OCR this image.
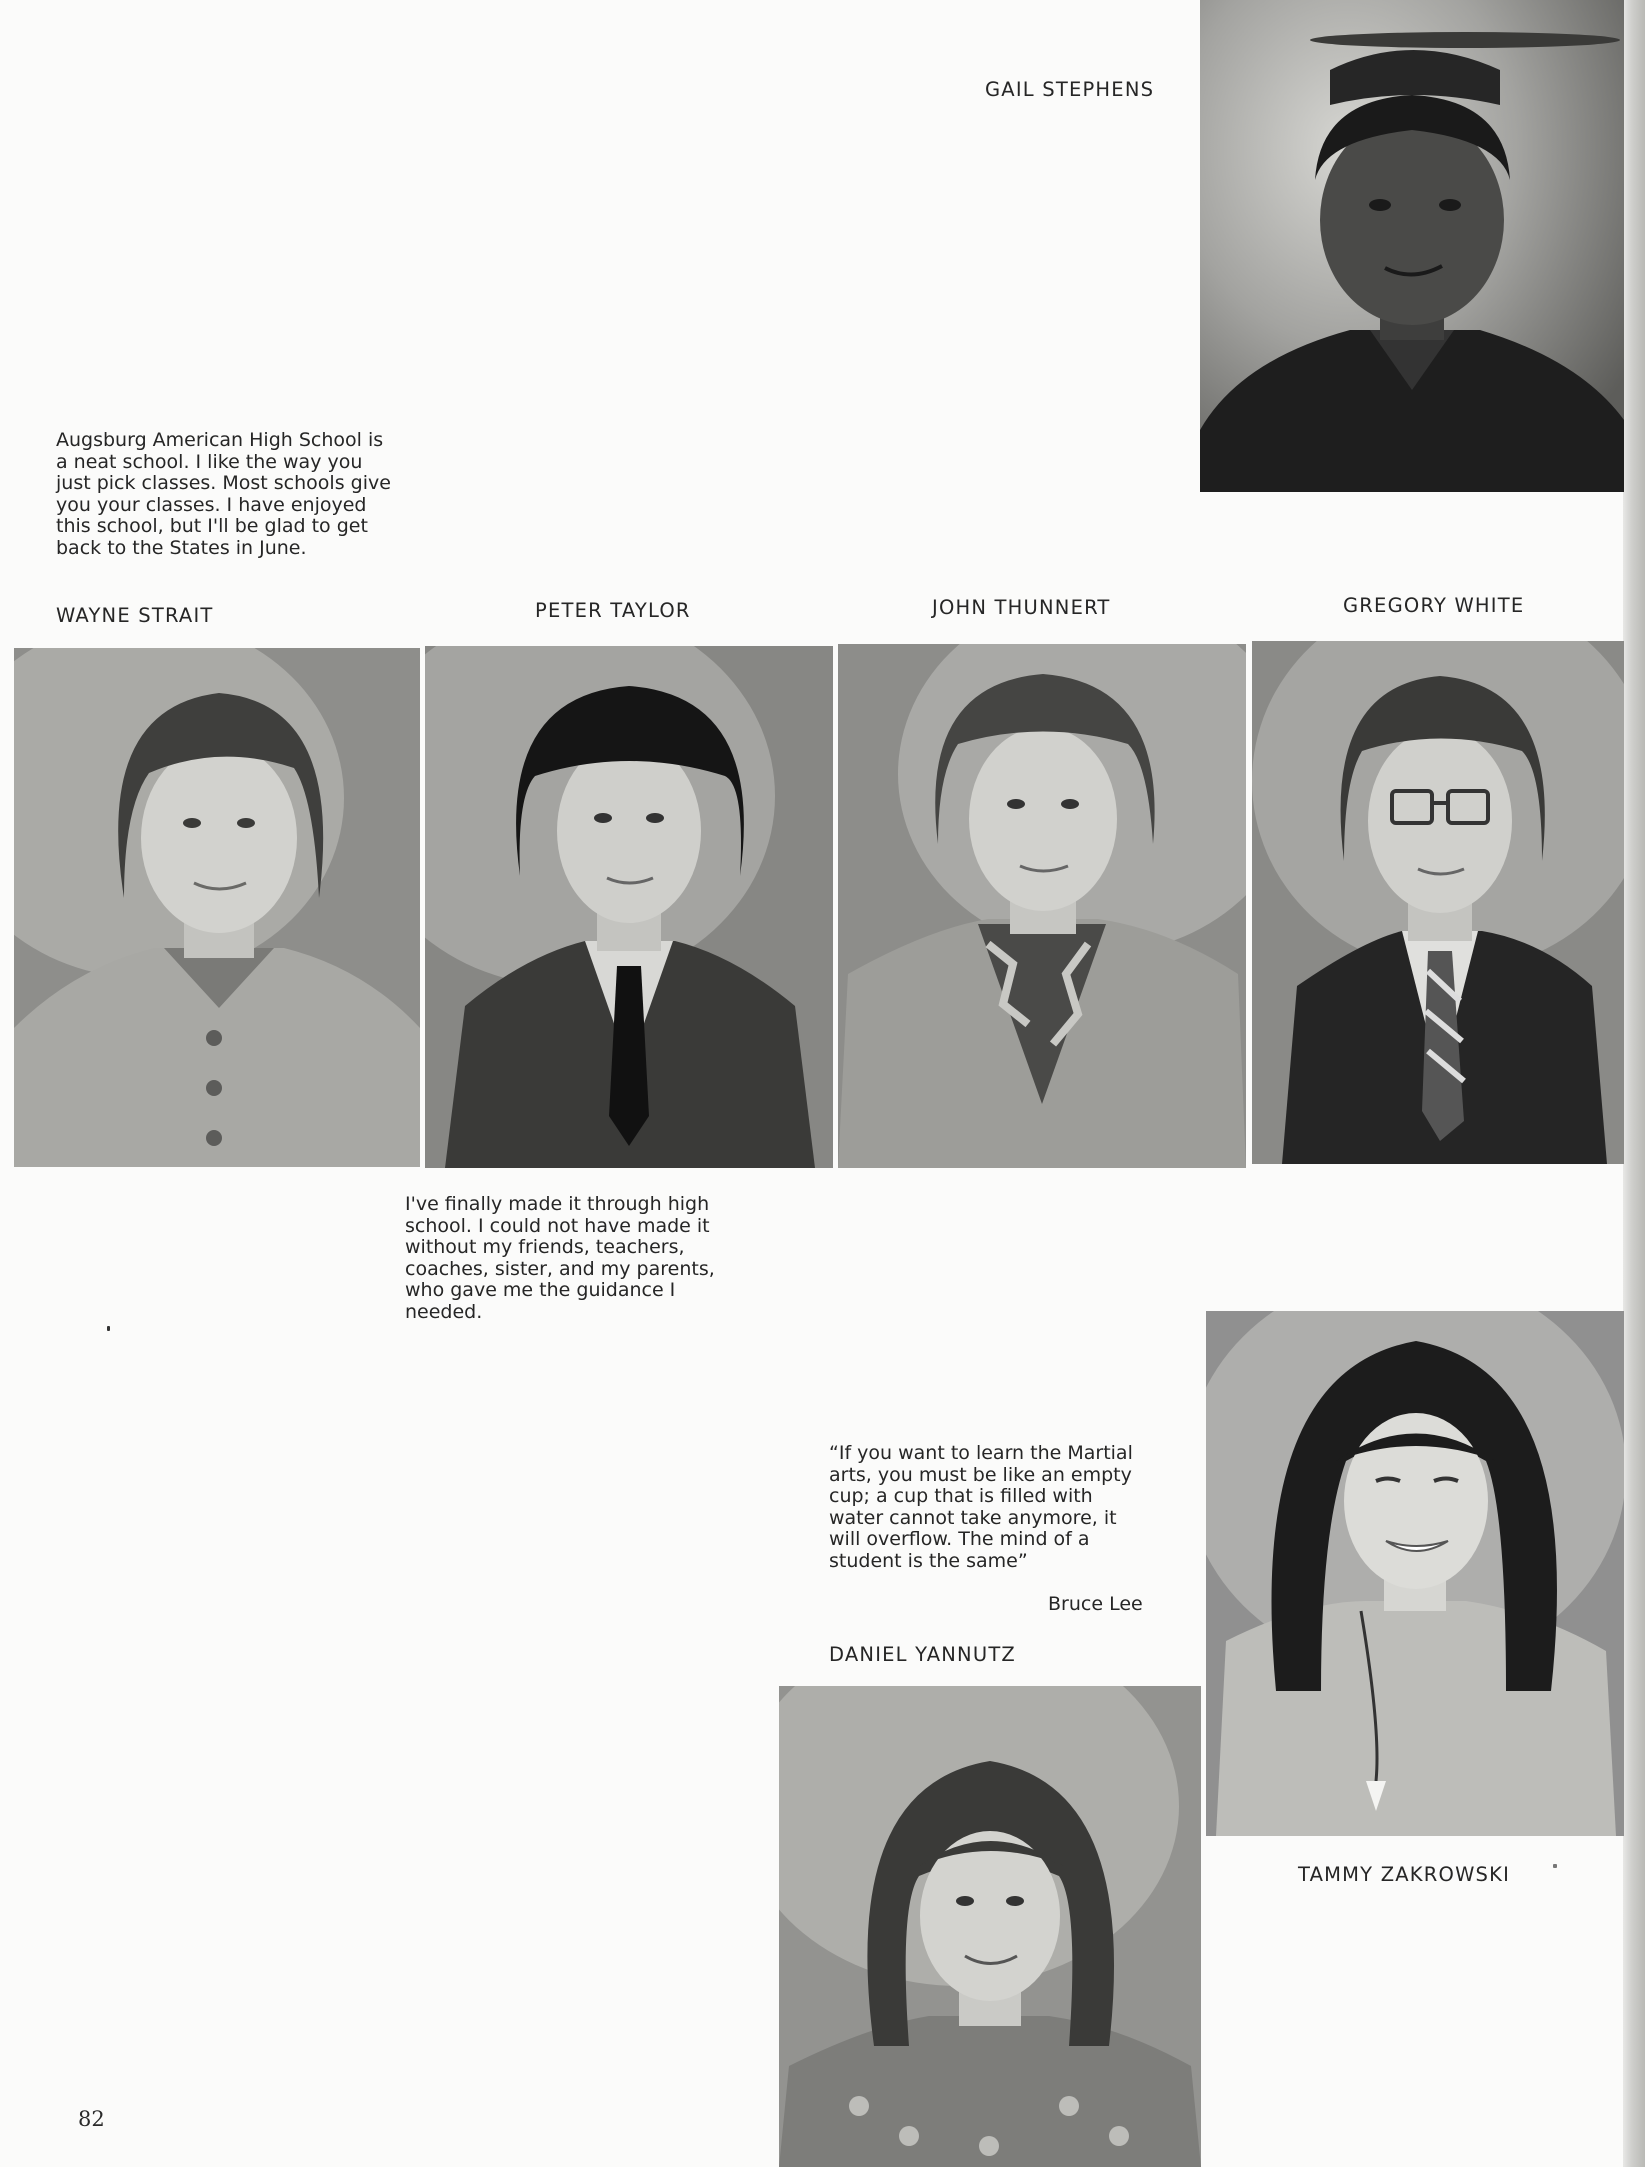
GAIL STEPHENS
Augsburg American High School is
a neat school. I like the way you
just pick classes. Most schools give
you your classes. I have enjoyed
this school, but I'll be glad to get
back to the States in June.
WAYNE STRAIT	PETER TAYLOR	JOHN THUNNERT	GREGORY WHITE
I've finally made it through high
school. I could not have made it
without my friends, teachers,
coaches, sister, and my parents,
who gave me the guidance I
needed.
“If you want to learn the Martial
arts, you must be like an empty
cup; a cup that is filled with
water cannot take anymore, it
will overflow. The mind of a
student is the same”
Bruce Lee
DANIEL YANNUTZ
TAMMY ZAKROWSKI
82
